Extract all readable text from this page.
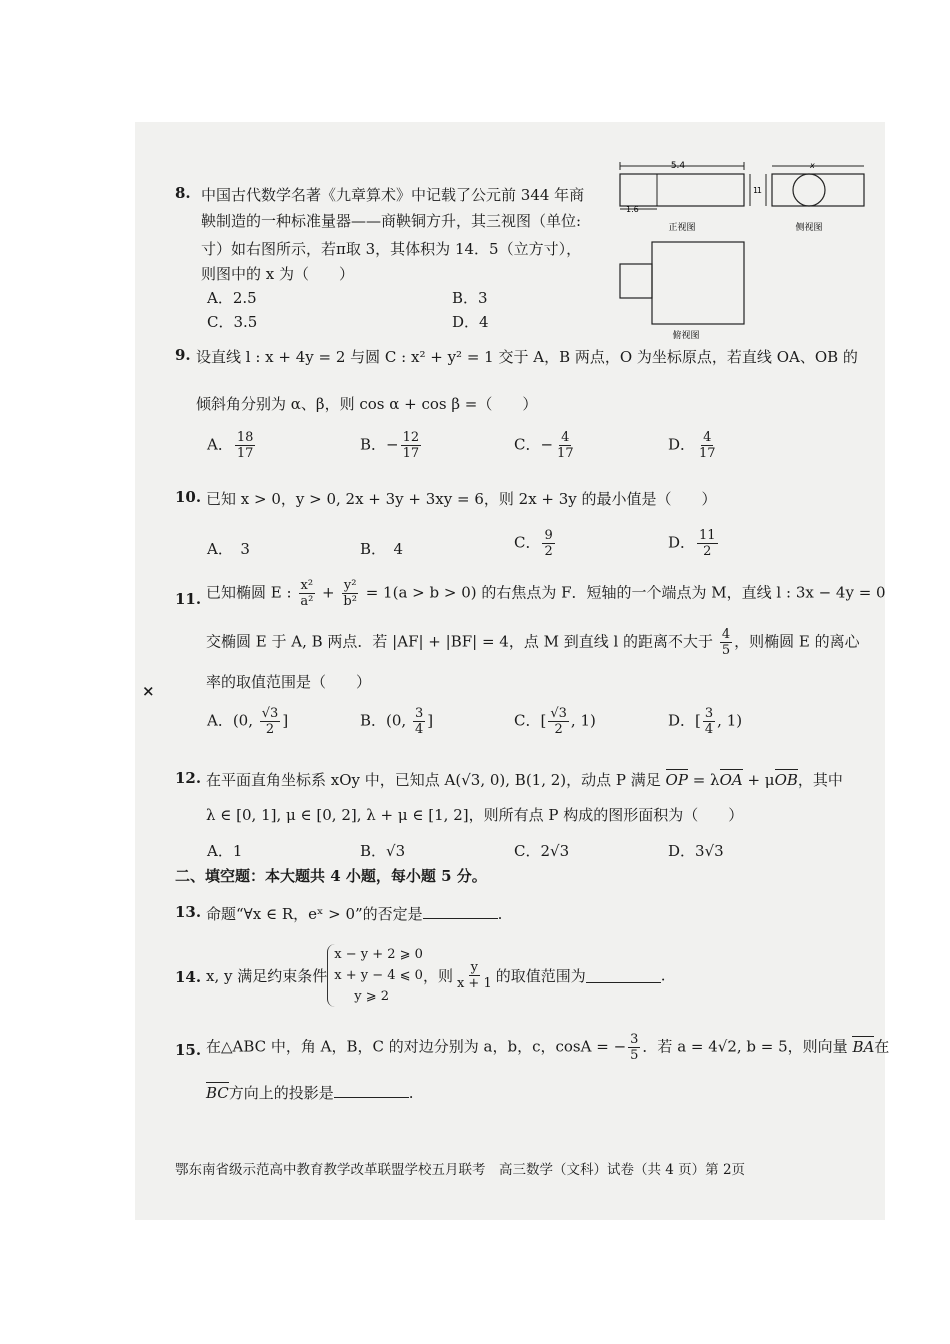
8. 中国古代数学名著《九章算术》中记载了公元前 344 年商
鞅制造的一种标准量器——商鞅铜方升，其三视图（单位:
寸）如右图所示，若π取 3，其体积为 14．5（立方寸），
则图中的 x 为（　　）
A．2.5	B．3
C．3.5	D．4
5.4
1
1.6
正视图
x
1
侧视图
俯视图
9. 设直线 l : x + 4y = 2 与圆 C : x² + y² = 1 交于 A，B 两点，O 为坐标原点，若直线 OA、OB 的
倾斜角分别为 α、β，则 cos α + cos β =（　　）
A． $\frac{18}{17}$	B．− $\frac{12}{17}$	C．− $\frac{4}{17}$	D． $\frac{4}{17}$
10. 已知 x > 0，y > 0, 2x + 3y + 3xy = 6，则 2x + 3y 的最小值是（　　）
A．　3	B．　4	C． $\frac{9}{2}$	D． $\frac{11}{2}$
11. 已知椭圆 E : $\frac{\text{x²}}{\text{a²}} + \frac{\text{y²}}{\text{b²}} = 1(a > b > 0)$ 的右焦点为 F．短轴的一个端点为 M，直线 l : 3x − 4y = 0
交椭圆 E 于 A, B 两点．若 |AF| + |BF| = 4，点 M 到直线 l 的距离不大于 $\frac{4}{5}$ ，则椭圆 E 的离心
率的取值范围是（　　）
×
A．(0, $\frac{√3}{2}$ ]	B．(0, $\frac{3}{4}$ ]	C．[ $\frac{√3}{2}$ , 1)	D．[ $\frac{3}{4}$ , 1)
12. 在平面直角坐标系 xOy 中，已知点 A(√3, 0), B(1, 2)，动点 P 满足 OP = λOA + μOB，其中
λ ∈ [0, 1], μ ∈ [0, 2], λ + μ ∈ [1, 2]，则所有点 P 构成的图形面积为（　　）
A．1	B．√3	C．2√3	D．3√3
二、填空题：本大题共 4 小题，每小题 5 分。
13. 命题“∀x ∈ R，eˣ > 0”的否定是	.
14. x, y 满足约束条件
x − y + 2 ⩾ 0
x + y − 4 ⩽ 0
y ⩾ 2
，则 $\frac{y}{x + 1}$ 的取值范围为	.
15. 在△ABC 中，角 A，B，C 的对边分别为 a，b，c，cosA = − $\frac{3}{5}$ ．若 a = 4√2, b = 5，则向量 BA在
BC方向上的投影是	.
鄂东南省级示范高中教育教学改革联盟学校五月联考　高三数学（文科）试卷（共 4 页）第 2页
